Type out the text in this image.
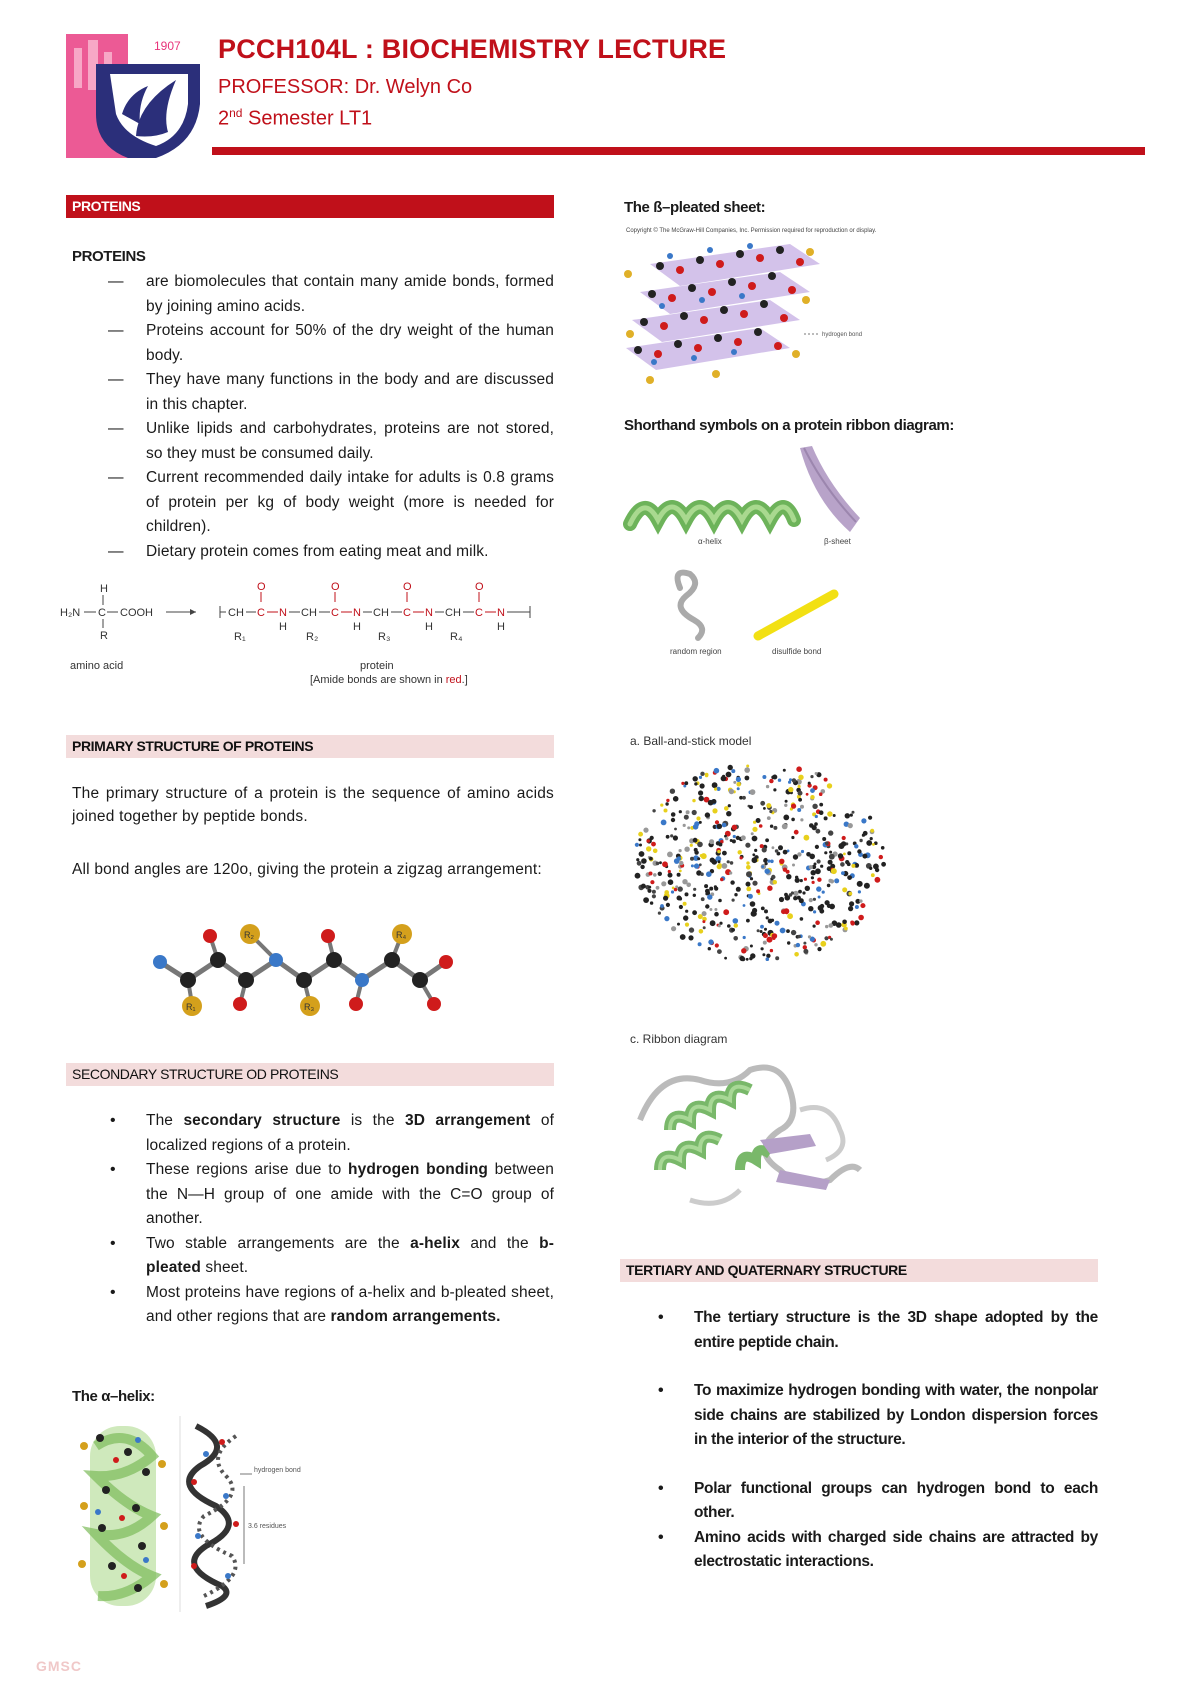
1907 PCCH104L : BIOCHEMISTRY LECTURE
PROFESSOR: Dr. Welyn Co
2nd Semester LT1
PROTEINS
PROTEINS
— are biomolecules that contain many amide bonds, formed by joining amino acids.
— Proteins account for 50% of the dry weight of the human body.
— They have many functions in the body and are discussed in this chapter.
— Unlike lipids and carbohydrates, proteins are not stored, so they must be consumed daily.
— Current recommended daily intake for adults is 0.8 grams of protein per kg of body weight (more is needed for children).
— Dietary protein comes from eating meat and milk.
H
H₂N C COOH
R
CH C
O
N
H
CH C
O
N
H
CH C
O
N
H
CH C
O
N
H
R₁	R₂	R₃	R₄
amino acid	protein
[Amide bonds are shown in red.]
PRIMARY STRUCTURE OF PROTEINS
The primary structure of a protein is the sequence of amino acids joined together by peptide bonds.
All bond angles are 120o, giving the protein a zigzag arrangement:
R₂	R₄
R₁	R₃
SECONDARY STRUCTURE OD PROTEINS
• The secondary structure is the 3D arrangement of localized regions of a protein.
• These regions arise due to hydrogen bonding between the N—H group of one amide with the C=O group of another.
• Two stable arrangements are the a-helix and the b-pleated sheet.
• Most proteins have regions of a-helix and b-pleated sheet, and other regions that are random arrangements.
The α–helix:
hydrogen bond
3.6 residues
The ß–pleated sheet:
Copyright © The McGraw-Hill Companies, Inc. Permission required for reproduction or display.
hydrogen bond
Shorthand symbols on a protein ribbon diagram:
α-helix	β-sheet
random region	disulfide bond
a. Ball-and-stick model
c. Ribbon diagram
TERTIARY AND QUATERNARY STRUCTURE
• The tertiary structure is the 3D shape adopted by the entire peptide chain.
• To maximize hydrogen bonding with water, the nonpolar side chains are stabilized by London dispersion forces in the interior of the structure.
• Polar functional groups can hydrogen bond to each other.
• Amino acids with charged side chains are attracted by electrostatic interactions.
GMSC
